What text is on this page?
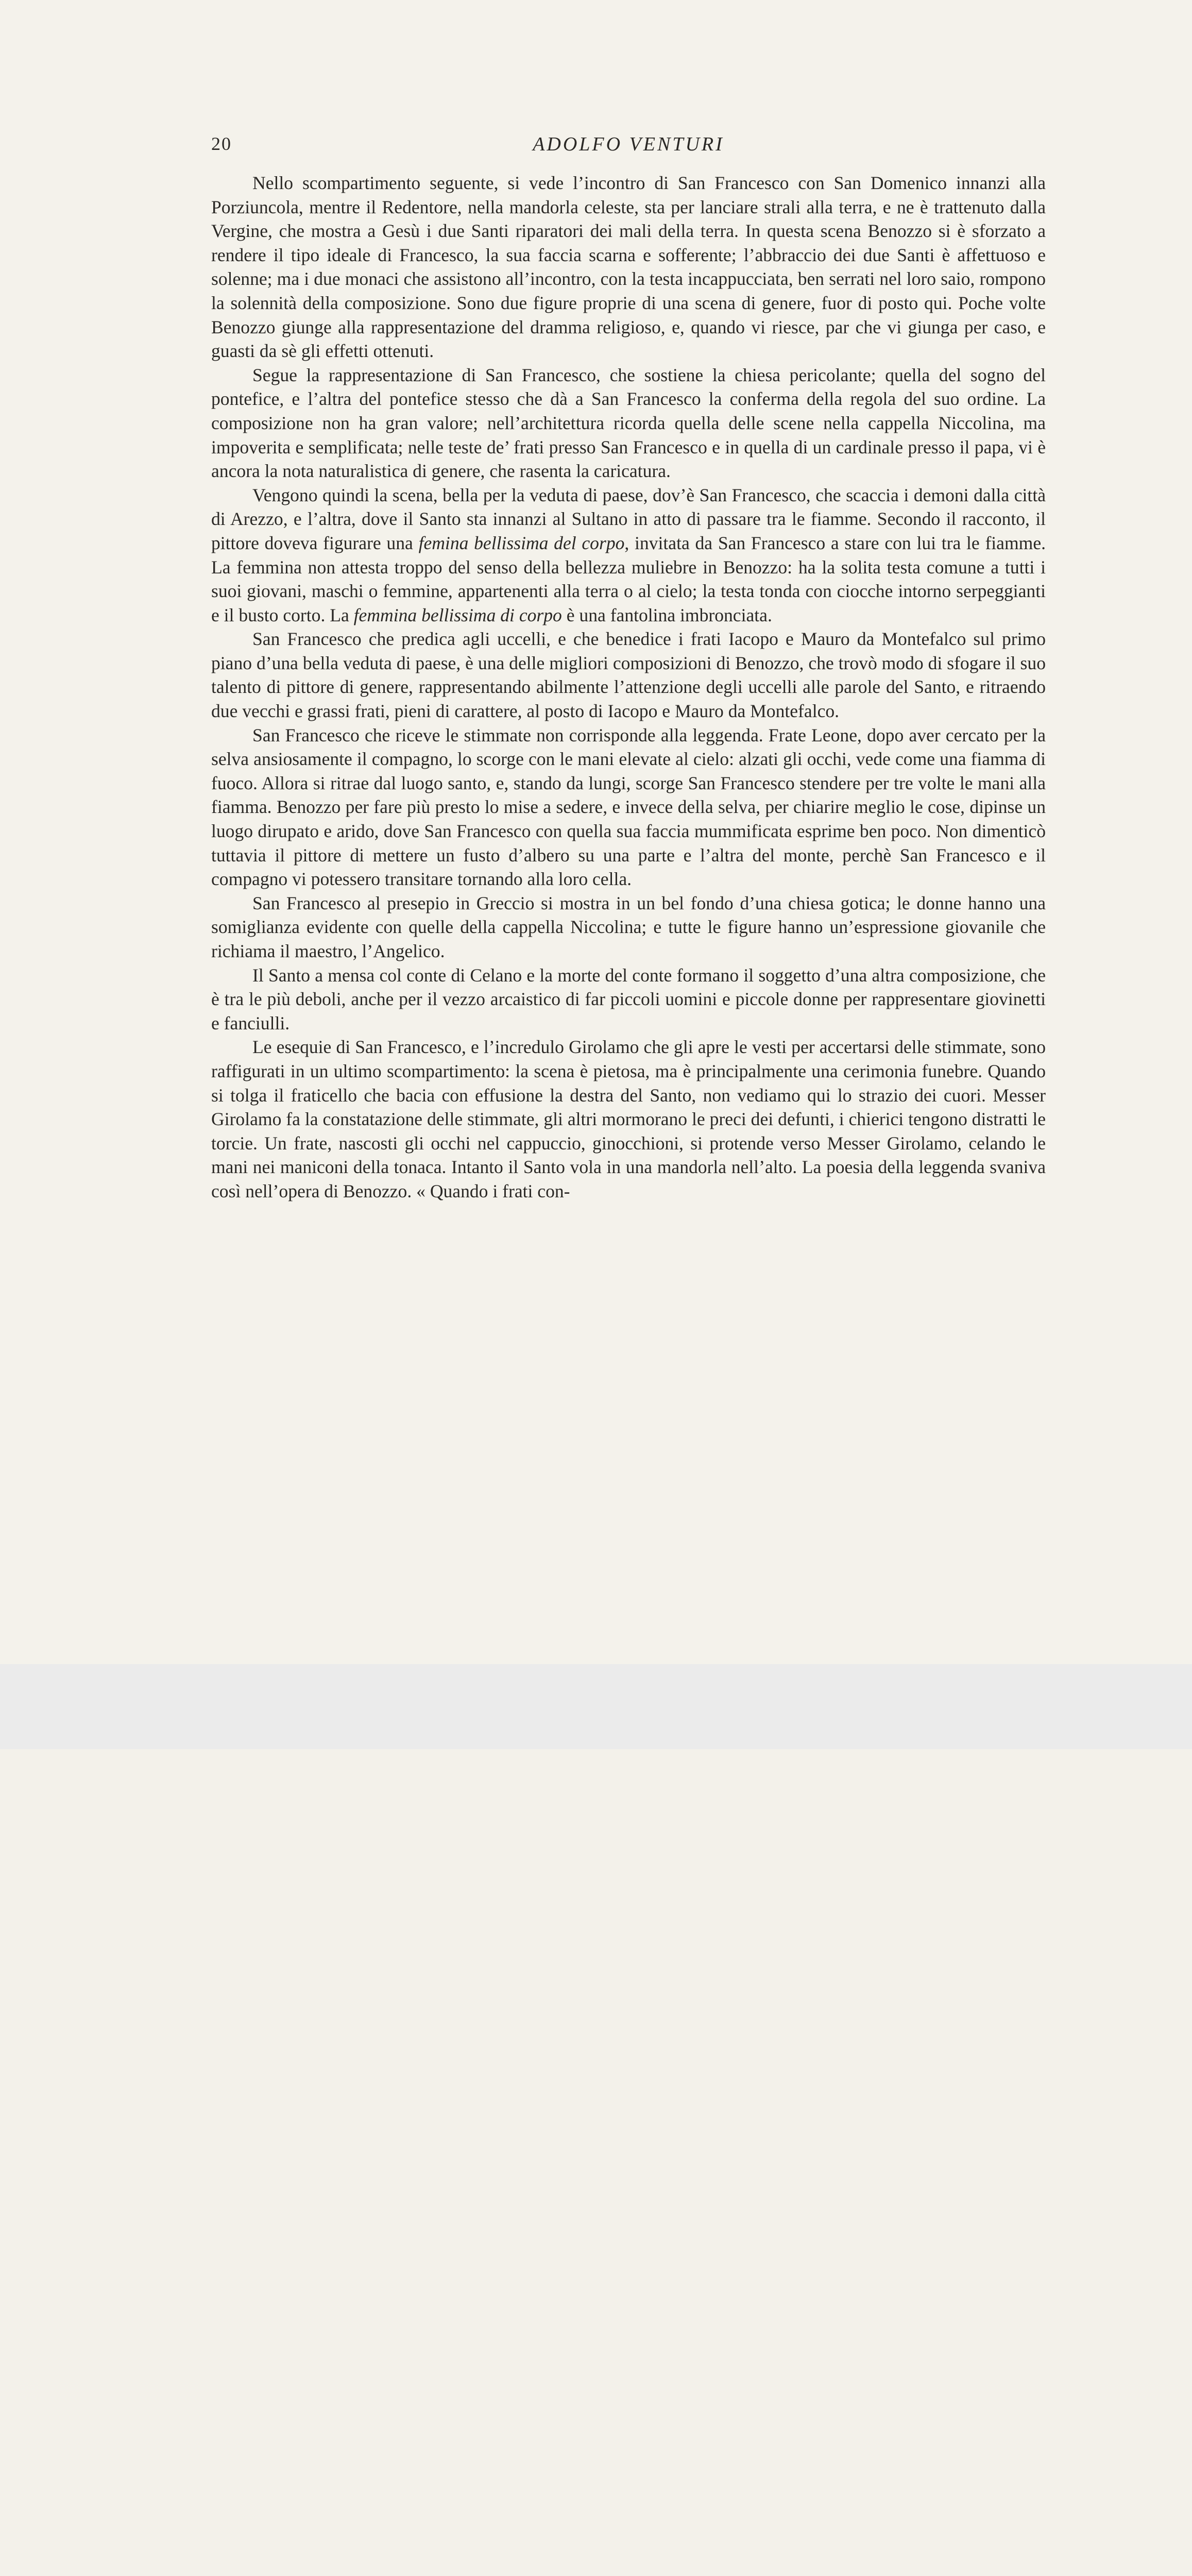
20	ADOLFO VENTURI

Nello scompartimento seguente, si vede l’incontro di San Francesco con San Domenico innanzi alla Porziuncola, mentre il Redentore, nella mandorla celeste, sta per lanciare strali alla terra, e ne è trattenuto dalla Vergine, che mostra a Gesù i due Santi riparatori dei mali della terra. In questa scena Benozzo si è sforzato a rendere il tipo ideale di Francesco, la sua faccia scarna e sofferente; l’abbraccio dei due Santi è affettuoso e solenne; ma i due monaci che assistono all’incontro, con la testa incappucciata, ben serrati nel loro saio, rompono la solennità della composizione. Sono due figure proprie di una scena di genere, fuor di posto qui. Poche volte Benozzo giunge alla rappresentazione del dramma religioso, e, quando vi riesce, par che vi giunga per caso, e guasti da sè gli effetti ottenuti.

Segue la rappresentazione di San Francesco, che sostiene la chiesa pericolante; quella del sogno del pontefice, e l’altra del pontefice stesso che dà a San Francesco la conferma della regola del suo ordine. La composizione non ha gran valore; nell’architettura ricorda quella delle scene nella cappella Niccolina, ma impoverita e semplificata; nelle teste de’ frati presso San Francesco e in quella di un cardinale presso il papa, vi è ancora la nota naturalistica di genere, che rasenta la caricatura.

Vengono quindi la scena, bella per la veduta di paese, dov’è San Francesco, che scaccia i demoni dalla città di Arezzo, e l’altra, dove il Santo sta innanzi al Sultano in atto di passare tra le fiamme. Secondo il racconto, il pittore doveva figurare una femina bellissima del corpo, invitata da San Francesco a stare con lui tra le fiamme. La femmina non attesta troppo del senso della bellezza muliebre in Benozzo: ha la solita testa comune a tutti i suoi giovani, maschi o femmine, appartenenti alla terra o al cielo; la testa tonda con ciocche intorno serpeggianti e il busto corto. La femmina bellissima di corpo è una fantolina imbronciata.

San Francesco che predica agli uccelli, e che benedice i frati Iacopo e Mauro da Montefalco sul primo piano d’una bella veduta di paese, è una delle migliori composizioni di Benozzo, che trovò modo di sfogare il suo talento di pittore di genere, rappresentando abilmente l’attenzione degli uccelli alle parole del Santo, e ritraendo due vecchi e grassi frati, pieni di carattere, al posto di Iacopo e Mauro da Montefalco.

San Francesco che riceve le stimmate non corrisponde alla leggenda. Frate Leone, dopo aver cercato per la selva ansiosamente il compagno, lo scorge con le mani elevate al cielo: alzati gli occhi, vede come una fiamma di fuoco. Allora si ritrae dal luogo santo, e, stando da lungi, scorge San Francesco stendere per tre volte le mani alla fiamma. Benozzo per fare più presto lo mise a sedere, e invece della selva, per chiarire meglio le cose, dipinse un luogo dirupato e arido, dove San Francesco con quella sua faccia mummificata esprime ben poco. Non dimenticò tuttavia il pittore di mettere un fusto d’albero su una parte e l’altra del monte, perchè San Francesco e il compagno vi potessero transitare tornando alla loro cella.

San Francesco al presepio in Greccio si mostra in un bel fondo d’una chiesa gotica; le donne hanno una somiglianza evidente con quelle della cappella Niccolina; e tutte le figure hanno un’espressione giovanile che richiama il maestro, l’Angelico.

Il Santo a mensa col conte di Celano e la morte del conte formano il soggetto d’una altra composizione, che è tra le più deboli, anche per il vezzo arcaistico di far piccoli uomini e piccole donne per rappresentare giovinetti e fanciulli.

Le esequie di San Francesco, e l’incredulo Girolamo che gli apre le vesti per accertarsi delle stimmate, sono raffigurati in un ultimo scompartimento: la scena è pietosa, ma è principalmente una cerimonia funebre. Quando si tolga il fraticello che bacia con effusione la destra del Santo, non vediamo qui lo strazio dei cuori. Messer Girolamo fa la constatazione delle stimmate, gli altri mormorano le preci dei defunti, i chierici tengono distratti le torcie. Un frate, nascosti gli occhi nel cappuccio, ginocchioni, si protende verso Messer Girolamo, celando le mani nei maniconi della tonaca. Intanto il Santo vola in una mandorla nell’alto. La poesia della leggenda svaniva così nell’opera di Benozzo. « Quando i frati con-
